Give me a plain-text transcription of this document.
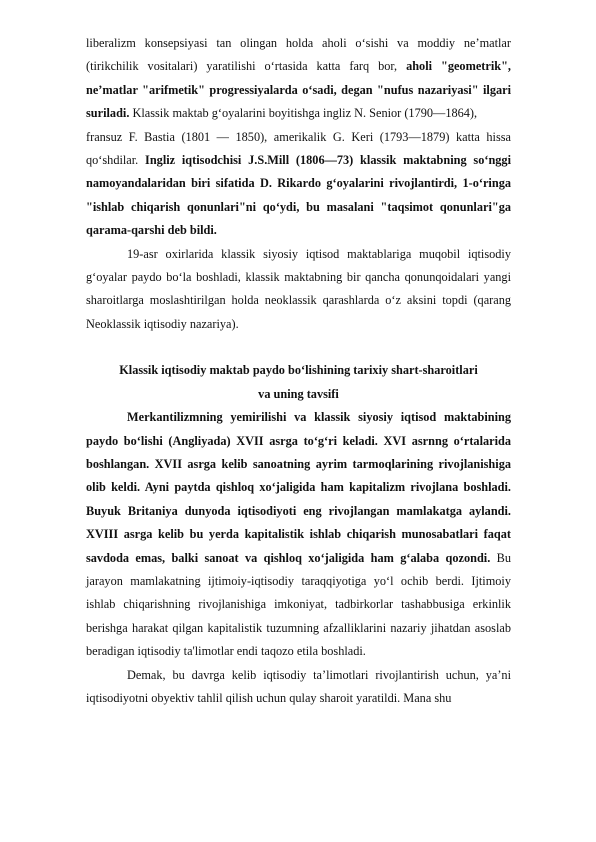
liberalizm konsepsiyasi tan olingan holda aholi o‘sishi va moddiy ne’matlar (tirikchilik vositalari) yaratilishi o‘rtasida katta farq bor, aholi "geometrik", ne’matlar "arifmetik" progressiyalarda o‘sadi, degan "nufus nazariyasi" ilgari suriladi. Klassik maktab g‘oyalarini boyitishga ingliz N. Senior (1790—1864),

fransuz F. Bastia (1801 — 1850), amerikalik G. Keri (1793—1879) katta hissa qo‘shdilar. Ingliz iqtisodchisi J.S.Mill (1806—73) klassik maktabning so‘nggi namoyandalaridan biri sifatida D. Rikardo g‘oyalarini rivojlantirdi, 1-o‘ringa "ishlab chiqarish qonunlari"ni qo‘ydi, bu masalani "taqsimot qonunlari"ga qarama-qarshi deb bildi.

19-asr oxirlarida klassik siyosiy iqtisod maktablariga muqobil iqtisodiy g‘oyalar paydo bo‘la boshladi, klassik maktabning bir qancha qonunqoidalari yangi sharoitlarga moslashtirilgan holda neoklassik qarashlarda o‘z aksini topdi (qarang Neoklassik iqtisodiy nazariya).

Klassik iqtisodiy maktab paydo bo‘lishining tarixiy shart-sharoitlari

va uning tavsifi

Merkantilizmning yemirilishi va klassik siyosiy iqtisod maktabining paydo bo‘lishi (Angliyada) XVII asrga to‘g‘ri keladi. XVI asrnng o‘rtalarida boshlangan. XVII asrga kelib sanoatning ayrim tarmoqlarining rivojlanishiga olib keldi. Ayni paytda qishloq xo‘jaligida ham kapitalizm rivojlana boshladi. Buyuk Britaniya dunyoda iqtisodiyoti eng rivojlangan mamlakatga aylandi. XVIII asrga kelib bu yerda kapitalistik ishlab chiqarish munosabatlari faqat savdoda emas, balki sanoat va qishloq xo‘jaligida ham g‘alaba qozondi. Bu jarayon mamlakatning ijtimoiy-iqtisodiy taraqqiyotiga yo‘l ochib berdi. Ijtimoiy ishlab chiqarishning rivojlanishiga imkoniyat, tadbirkorlar tashabbusiga erkinlik berishga harakat qilgan kapitalistik tuzumning afzalliklarini nazariy jihatdan asoslab beradigan iqtisodiy ta'limotlar endi taqozo etila boshladi.

Demak, bu davrga kelib iqtisodiy ta’limotlari rivojlantirish uchun, ya’ni iqtisodiyotni obyektiv tahlil qilish uchun qulay sharoit yaratildi. Mana shu
